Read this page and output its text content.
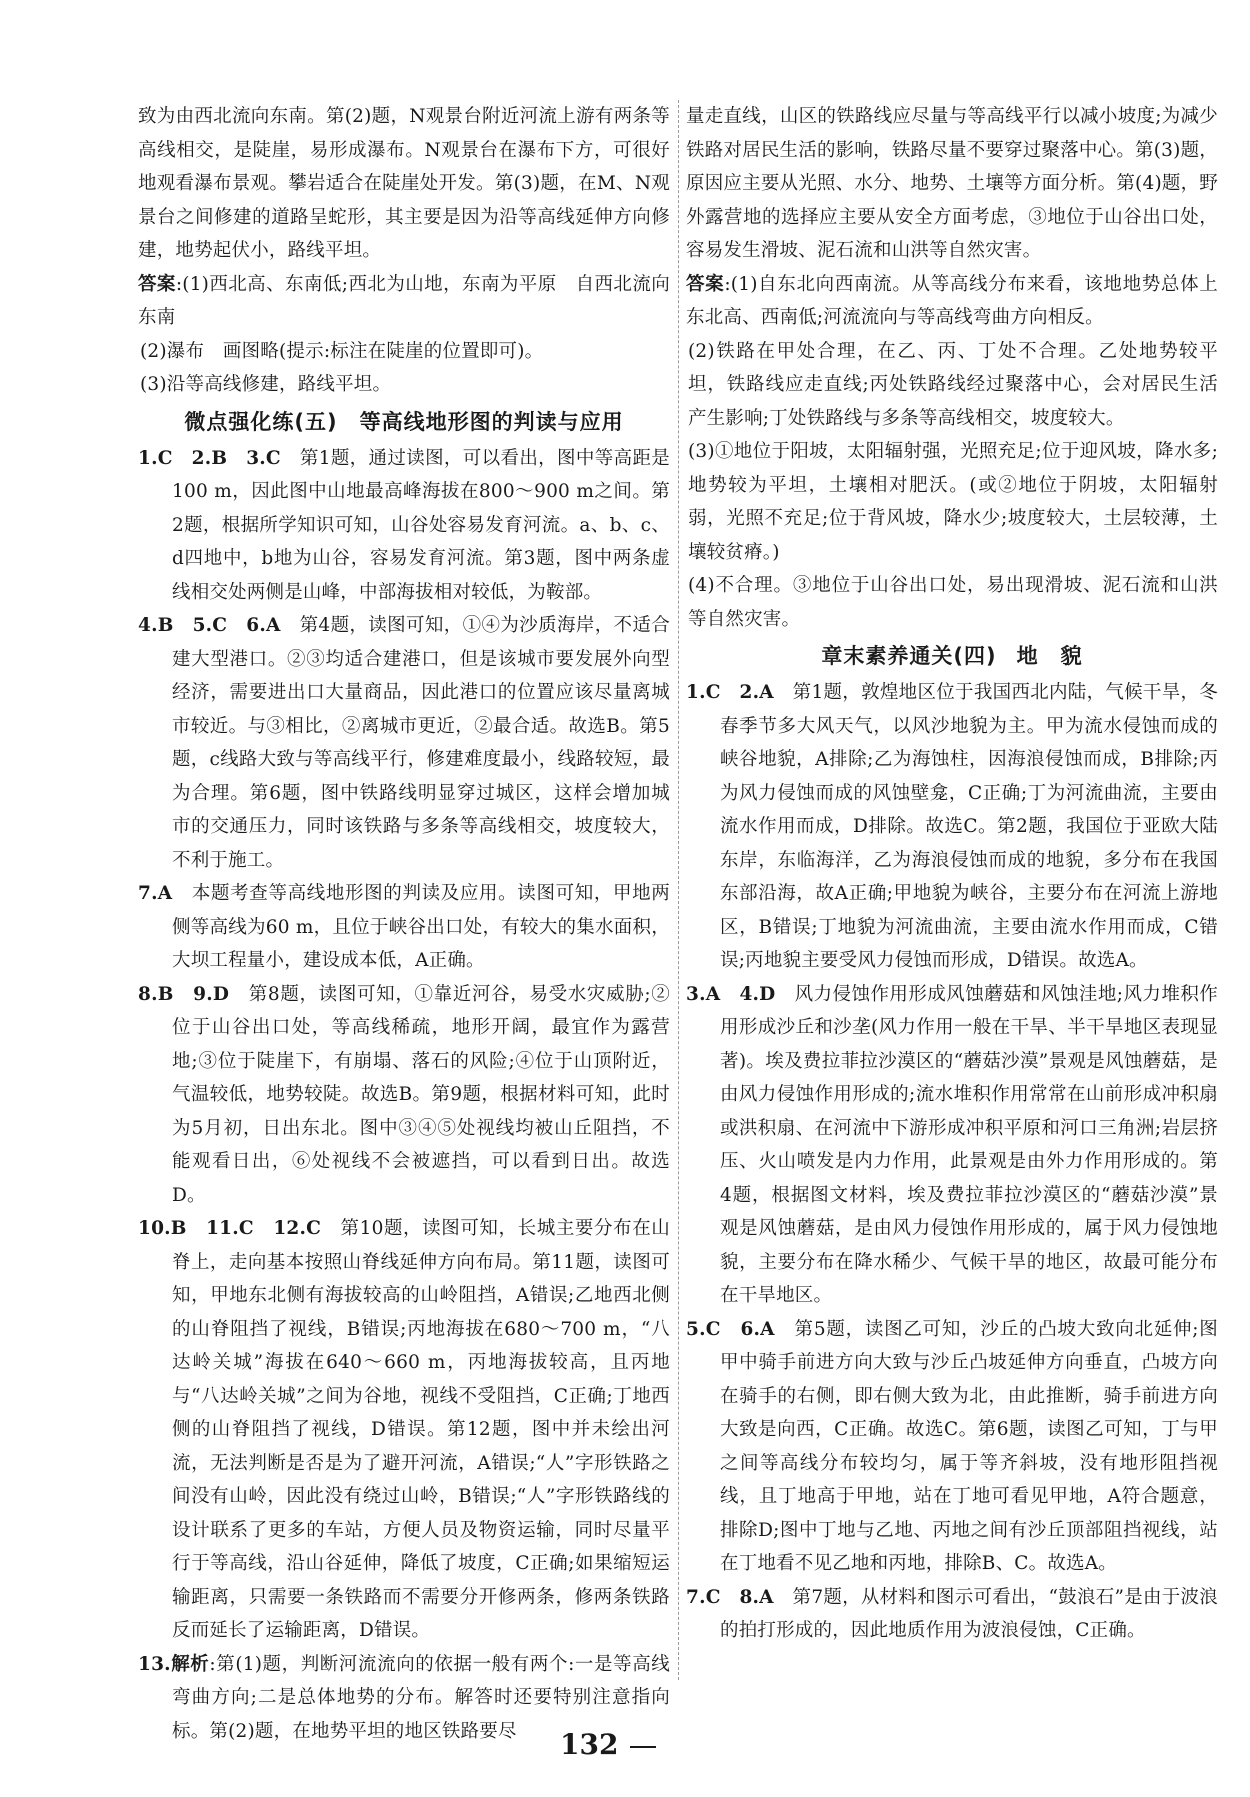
致为由西北流向东南。第(2)题，N观景台附近河流上游有两条等高线相交，是陡崖，易形成瀑布。N观景台在瀑布下方，可很好地观看瀑布景观。攀岩适合在陡崖处开发。第(3)题，在M、N观景台之间修建的道路呈蛇形，其主要是因为沿等高线延伸方向修建，地势起伏小，路线平坦。

答案:(1)西北高、东南低;西北为山地，东南为平原　自西北流向东南

(2)瀑布　画图略(提示:标注在陡崖的位置即可)。

(3)沿等高线修建，路线平坦。

微点强化练(五)　等高线地形图的判读与应用

1.C　2.B　3.C　第1题，通过读图，可以看出，图中等高距是100 m，因此图中山地最高峰海拔在800～900 m之间。第2题，根据所学知识可知，山谷处容易发育河流。a、b、c、d四地中，b地为山谷，容易发育河流。第3题，图中两条虚线相交处两侧是山峰，中部海拔相对较低，为鞍部。

4.B　5.C　6.A　第4题，读图可知，①④为沙质海岸，不适合建大型港口。②③均适合建港口，但是该城市要发展外向型经济，需要进出口大量商品，因此港口的位置应该尽量离城市较近。与③相比，②离城市更近，②最合适。故选B。第5题，c线路大致与等高线平行，修建难度最小，线路较短，最为合理。第6题，图中铁路线明显穿过城区，这样会增加城市的交通压力，同时该铁路与多条等高线相交，坡度较大，不利于施工。

7.A　本题考查等高线地形图的判读及应用。读图可知，甲地两侧等高线为60 m，且位于峡谷出口处，有较大的集水面积，大坝工程量小，建设成本低，A正确。

8.B　9.D　第8题，读图可知，①靠近河谷，易受水灾威胁;②位于山谷出口处，等高线稀疏，地形开阔，最宜作为露营地;③位于陡崖下，有崩塌、落石的风险;④位于山顶附近，气温较低，地势较陡。故选B。第9题，根据材料可知，此时为5月初，日出东北。图中③④⑤处视线均被山丘阻挡，不能观看日出，⑥处视线不会被遮挡，可以看到日出。故选D。

10.B　11.C　12.C　第10题，读图可知，长城主要分布在山脊上，走向基本按照山脊线延伸方向布局。第11题，读图可知，甲地东北侧有海拔较高的山岭阻挡，A错误;乙地西北侧的山脊阻挡了视线，B错误;丙地海拔在680～700 m，“八达岭关城”海拔在640～660 m，丙地海拔较高，且丙地与“八达岭关城”之间为谷地，视线不受阻挡，C正确;丁地西侧的山脊阻挡了视线，D错误。第12题，图中并未绘出河流，无法判断是否是为了避开河流，A错误;“人”字形铁路之间没有山岭，因此没有绕过山岭，B错误;“人”字形铁路线的设计联系了更多的车站，方便人员及物资运输，同时尽量平行于等高线，沿山谷延伸，降低了坡度，C正确;如果缩短运输距离，只需要一条铁路而不需要分开修两条，修两条铁路反而延长了运输距离，D错误。

13.解析:第(1)题，判断河流流向的依据一般有两个:一是等高线弯曲方向;二是总体地势的分布。解答时还要特别注意指向标。第(2)题，在地势平坦的地区铁路要尽

量走直线，山区的铁路线应尽量与等高线平行以减小坡度;为减少铁路对居民生活的影响，铁路尽量不要穿过聚落中心。第(3)题，原因应主要从光照、水分、地势、土壤等方面分析。第(4)题，野外露营地的选择应主要从安全方面考虑，③地位于山谷出口处，容易发生滑坡、泥石流和山洪等自然灾害。

答案:(1)自东北向西南流。从等高线分布来看，该地地势总体上东北高、西南低;河流流向与等高线弯曲方向相反。

(2)铁路在甲处合理，在乙、丙、丁处不合理。乙处地势较平坦，铁路线应走直线;丙处铁路线经过聚落中心，会对居民生活产生影响;丁处铁路线与多条等高线相交，坡度较大。

(3)①地位于阳坡，太阳辐射强，光照充足;位于迎风坡，降水多;地势较为平坦，土壤相对肥沃。(或②地位于阴坡，太阳辐射弱，光照不充足;位于背风坡，降水少;坡度较大，土层较薄，土壤较贫瘠。)

(4)不合理。③地位于山谷出口处，易出现滑坡、泥石流和山洪等自然灾害。

章末素养通关(四) 地　貌

1.C　2.A　第1题，敦煌地区位于我国西北内陆，气候干旱，冬春季节多大风天气，以风沙地貌为主。甲为流水侵蚀而成的峡谷地貌，A排除;乙为海蚀柱，因海浪侵蚀而成，B排除;丙为风力侵蚀而成的风蚀壁龛，C正确;丁为河流曲流，主要由流水作用而成，D排除。故选C。第2题，我国位于亚欧大陆东岸，东临海洋，乙为海浪侵蚀而成的地貌，多分布在我国东部沿海，故A正确;甲地貌为峡谷，主要分布在河流上游地区，B错误;丁地貌为河流曲流，主要由流水作用而成，C错误;丙地貌主要受风力侵蚀而形成，D错误。故选A。

3.A　4.D　风力侵蚀作用形成风蚀蘑菇和风蚀洼地;风力堆积作用形成沙丘和沙垄(风力作用一般在干旱、半干旱地区表现显著)。埃及费拉菲拉沙漠区的“蘑菇沙漠”景观是风蚀蘑菇，是由风力侵蚀作用形成的;流水堆积作用常常在山前形成冲积扇或洪积扇、在河流中下游形成冲积平原和河口三角洲;岩层挤压、火山喷发是内力作用，此景观是由外力作用形成的。第4题，根据图文材料，埃及费拉菲拉沙漠区的“蘑菇沙漠”景观是风蚀蘑菇，是由风力侵蚀作用形成的，属于风力侵蚀地貌，主要分布在降水稀少、气候干旱的地区，故最可能分布在干旱地区。

5.C　6.A　第5题，读图乙可知，沙丘的凸坡大致向北延伸;图甲中骑手前进方向大致与沙丘凸坡延伸方向垂直，凸坡方向在骑手的右侧，即右侧大致为北，由此推断，骑手前进方向大致是向西，C正确。故选C。第6题，读图乙可知，丁与甲之间等高线分布较均匀，属于等齐斜坡，没有地形阻挡视线，且丁地高于甲地，站在丁地可看见甲地，A符合题意，排除D;图中丁地与乙地、丙地之间有沙丘顶部阻挡视线，站在丁地看不见乙地和丙地，排除B、C。故选A。

7.C　8.A　第7题，从材料和图示可看出，“鼓浪石”是由于波浪的拍打形成的，因此地质作用为波浪侵蚀，C正确。

132
